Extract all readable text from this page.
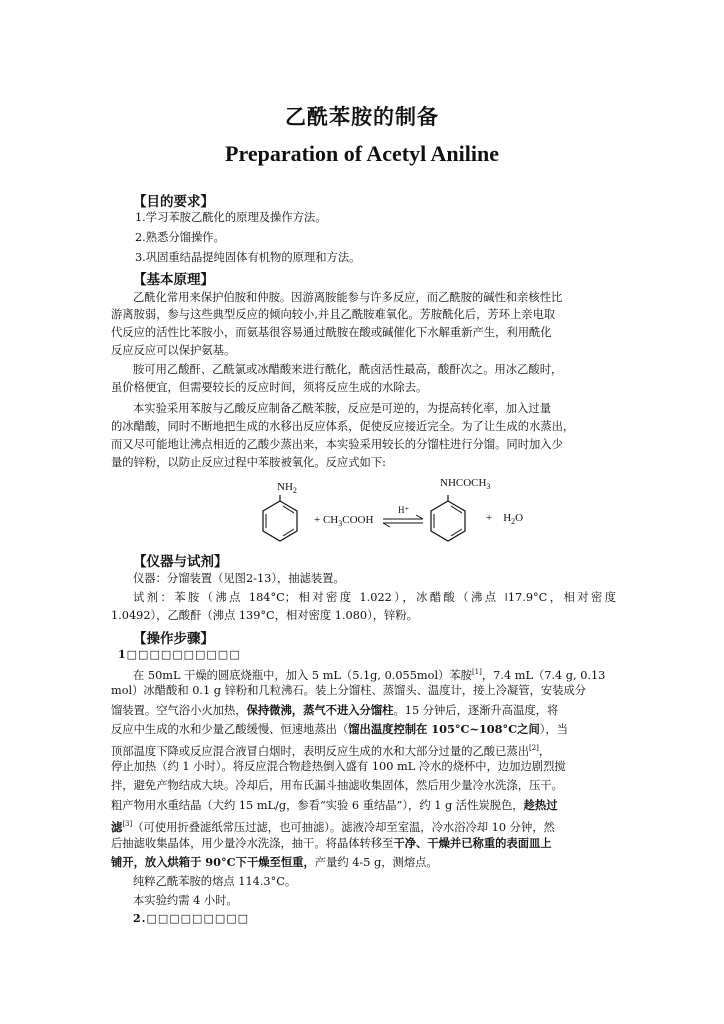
乙酰苯胺的制备
Preparation of Acetyl Aniline
【目的要求】
1.学习苯胺乙酰化的原理及操作方法。
2.熟悉分馏操作。
3.巩固重结晶提纯固体有机物的原理和方法。
【基本原理】
乙酰化常用来保护伯胺和仲胺。因游离胺能参与许多反应，而乙酰胺的碱性和亲核性比
游离胺弱，参与这些典型反应的倾向较小,并且乙酰胺难氧化。芳胺酰化后，芳环上亲电取
代反应的活性比苯胺小，而氨基很容易通过酰胺在酸或碱催化下水解重新产生，利用酰化
反应反应可以保护氨基。
胺可用乙酸酐、乙酰氯或冰醋酸来进行酰化，酰卤活性最高，酸酐次之。用冰乙酸时，
虽价格便宜，但需要较长的反应时间，须将反应生成的水除去。
本实验采用苯胺与乙酸反应制备乙酰苯胺，反应是可逆的，为提高转化率，加入过量
的冰醋酸，同时不断地把生成的水移出反应体系，促使反应接近完全。为了让生成的水蒸出，
而又尽可能地让沸点相近的乙酸少蒸出来，本实验采用较长的分馏柱进行分馏。同时加入少
量的锌粉，以防止反应过程中苯胺被氧化。反应式如下:
$NH_2$
+ $CH_3COOH$
H⁺
$NHCOCH_3$
+    $H_2O$
【仪器与试剂】
仪器：分馏装置（见图2-13），抽滤装置。
试剂：苯胺（沸点 184°C；相对密度 1.022），冰醋酸（沸点 ǀ17.9°C，相对密度
1.0492），乙酸酐（沸点 139°C，相对密度 1.080），锌粉。
【操作步骤】
1□□□□□□□□□□
在 50mL 干燥的圆底烧瓶中，加入 5 mL（5.1g, 0.055mol）苯胺[1]，7.4 mL（7.4 g, 0.13
mol）冰醋酸和 0.1 g 锌粉和几粒沸石。装上分馏柱、蒸馏头、温度计，接上冷凝管，安装成分
馏装置。空气浴小火加热，保持微沸，蒸气不进入分馏柱。15 分钟后，逐渐升高温度，将
反应中生成的水和少量乙酸缓慢、恒速地蒸出（馏出温度控制在 105°C~108°C之间），当
顶部温度下降或反应混合液冒白烟时，表明反应生成的水和大部分过量的乙酸已蒸出[2]，
停止加热（约 1 小时）。将反应混合物趁热倒入盛有 100 mL 冷水的烧杯中，边加边剧烈搅
拌，避免产物结成大块。冷却后，用布氏漏斗抽滤收集固体，然后用少量冷水洗涤，压干。
粗产物用水重结晶（大约 15 mL/g，参看“实验 6 重结晶”），约 1 g 活性炭脱色，趁热过
滤[3]（可使用折叠滤纸常压过滤，也可抽滤）。滤液冷却至室温，冷水浴冷却 10 分钟，然
后抽滤收集晶体，用少量冷水洗涤，抽干。将晶体转移至干净、干燥并已称重的表面皿上
铺开，放入烘箱于 90°C下干燥至恒重，产量约 4-5 g，测熔点。
纯粹乙酰苯胺的熔点 114.3°C。
本实验约需 4 小时。
2.□□□□□□□□□
